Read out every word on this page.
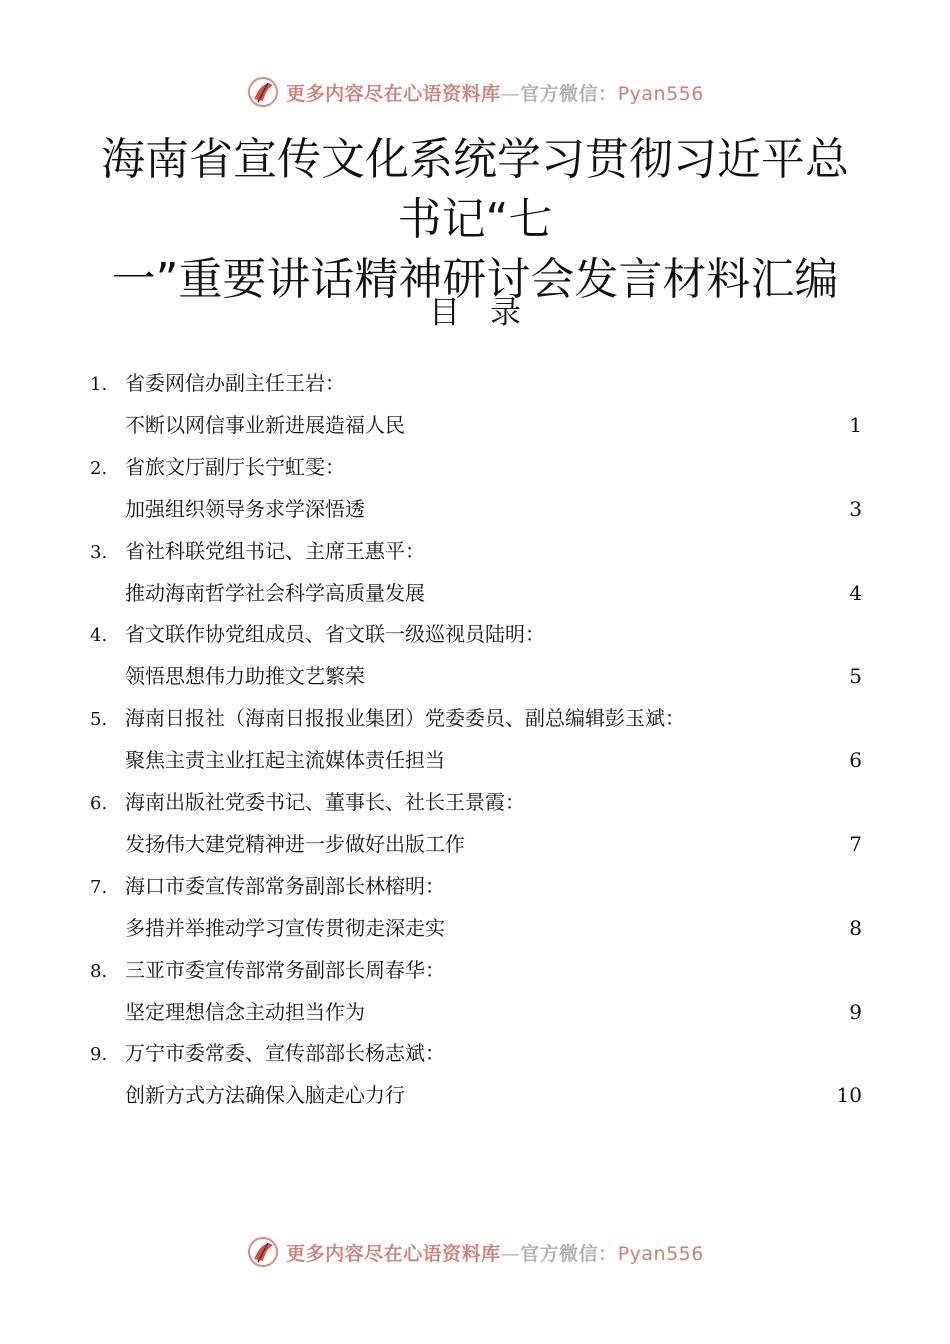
更多内容尽在心语资料库—官方微信：Pyan556
海南省宣传文化系统学习贯彻习近平总书记“七
一”重要讲话精神研讨会发言材料汇编
目录
1. 省委网信办副主任王岩：
不断以网信事业新进展造福人民	1
2. 省旅文厅副厅长宁虹雯：
加强组织领导务求学深悟透	3
3. 省社科联党组书记、主席王惠平：
推动海南哲学社会科学高质量发展	4
4. 省文联作协党组成员、省文联一级巡视员陆明：
领悟思想伟力助推文艺繁荣	5
5. 海南日报社（海南日报报业集团）党委委员、副总编辑彭玉斌：
聚焦主责主业扛起主流媒体责任担当	6
6. 海南出版社党委书记、董事长、社长王景霞：
发扬伟大建党精神进一步做好出版工作	7
7. 海口市委宣传部常务副部长林榕明：
多措并举推动学习宣传贯彻走深走实	8
8. 三亚市委宣传部常务副部长周春华：
坚定理想信念主动担当作为	9
9. 万宁市委常委、宣传部部长杨志斌：
创新方式方法确保入脑走心力行	10
更多内容尽在心语资料库—官方微信：Pyan556
